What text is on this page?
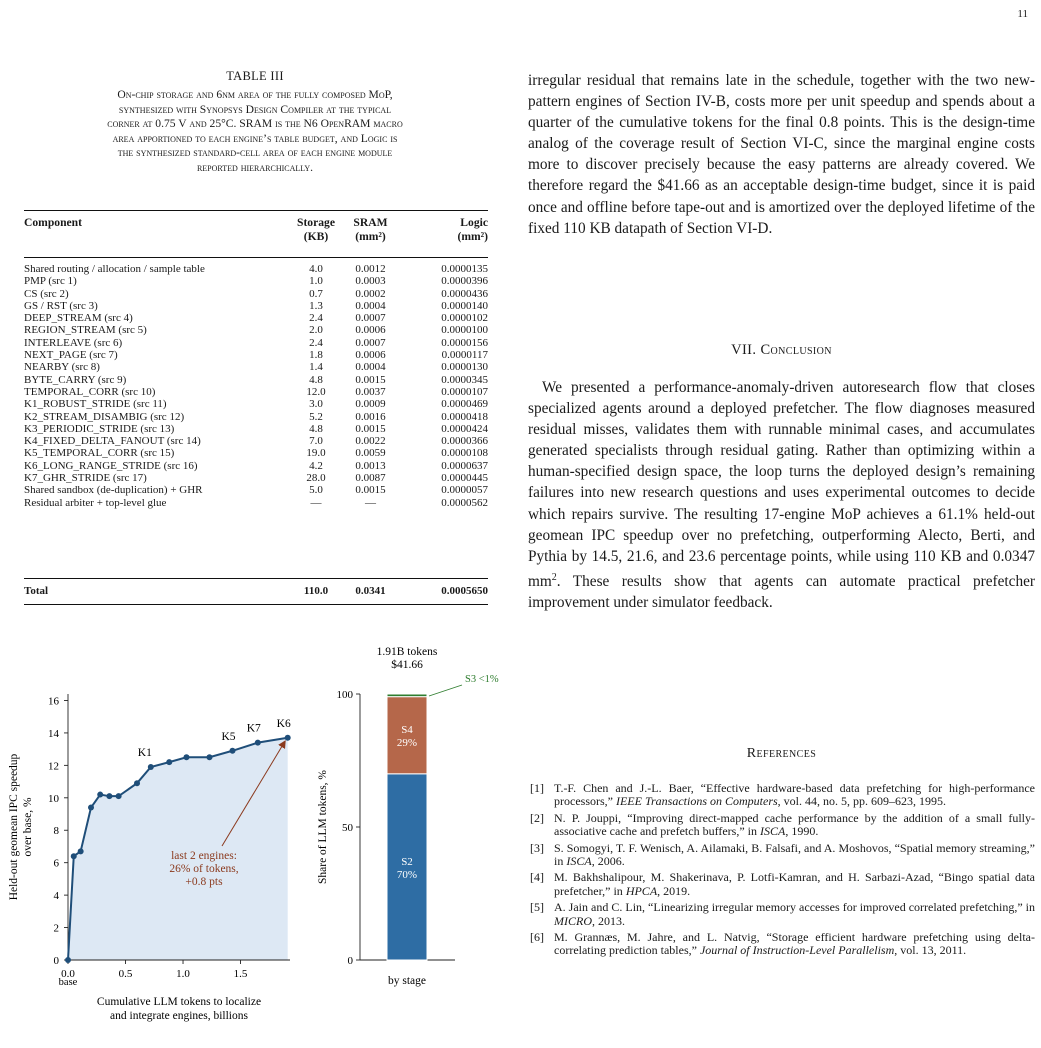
11
TABLE III
On-chip storage and 6nm area of the fully composed MoP,
synthesized with Synopsys Design Compiler at the typical
corner at 0.75 V and 25°C. SRAM is the N6 OpenRAM macro
area apportioned to each engine’s table budget, and Logic is
the synthesized standard-cell area of each engine module
reported hierarchically.
Component	Storage	SRAM	Logic
	(KB)	(mm²)	(mm²)
Shared routing / allocation / sample table	4.0	0.0012	0.0000135
PMP (src 1)	1.0	0.0003	0.0000396
CS (src 2)	0.7	0.0002	0.0000436
GS / RST (src 3)	1.3	0.0004	0.0000140
DEEP_STREAM (src 4)	2.4	0.0007	0.0000102
REGION_STREAM (src 5)	2.0	0.0006	0.0000100
INTERLEAVE (src 6)	2.4	0.0007	0.0000156
NEXT_PAGE (src 7)	1.8	0.0006	0.0000117
NEARBY (src 8)	1.4	0.0004	0.0000130
BYTE_CARRY (src 9)	4.8	0.0015	0.0000345
TEMPORAL_CORR (src 10)	12.0	0.0037	0.0000107
K1_ROBUST_STRIDE (src 11)	3.0	0.0009	0.0000469
K2_STREAM_DISAMBIG (src 12)	5.2	0.0016	0.0000418
K3_PERIODIC_STRIDE (src 13)	4.8	0.0015	0.0000424
K4_FIXED_DELTA_FANOUT (src 14)	7.0	0.0022	0.0000366
K5_TEMPORAL_CORR (src 15)	19.0	0.0059	0.0000108
K6_LONG_RANGE_STRIDE (src 16)	4.2	0.0013	0.0000637
K7_GHR_STRIDE (src 17)	28.0	0.0087	0.0000445
Shared sandbox (de-duplication) + GHR	5.0	0.0015	0.0000057
Residual arbiter + top-level glue	—	—	0.0000562
Total	110.0	0.0341	0.0005650
0
2
4
6
8
10
12
14
16
0.0	0.5	1.0	1.5
K1
K5
K7 K6
last 2 engines:
26% of tokens,
+0.8 pts
base
Cumulative LLM tokens to localize
and integrate engines, billions
Held-out geomean IPC speedup over base, %
1.91B tokens
$41.66
0
50
100
S2
70%
S4
29%
S3 <1%
by stage
Share of LLM tokens, %
irregular residual that remains late in the schedule, together with the two new-pattern engines of Section IV-B, costs more per unit speedup and spends about a quarter of the cumulative tokens for the final 0.8 points. This is the design-time analog of the coverage result of Section VI-C, since the marginal engine costs more to discover precisely because the easy patterns are already covered. We therefore regard the $41.66 as an acceptable design-time budget, since it is paid once and offline before tape-out and is amortized over the deployed lifetime of the fixed 110 KB datapath of Section VI-D.
VII. Conclusion
We presented a performance-anomaly-driven autoresearch flow that closes specialized agents around a deployed prefetcher. The flow diagnoses measured residual misses, validates them with runnable minimal cases, and accumulates generated specialists through residual gating. Rather than optimizing within a human-specified design space, the loop turns the deployed design’s remaining failures into new research questions and uses experimental outcomes to decide which repairs survive. The resulting 17-engine MoP achieves a 61.1% held-out geomean IPC speedup over no prefetching, outperforming Alecto, Berti, and Pythia by 14.5, 21.6, and 23.6 percentage points, while using 110 KB and 0.0347 $mm^2$. These results show that agents can automate practical prefetcher improvement under simulator feedback.
References
[1] T.-F. Chen and J.-L. Baer, “Effective hardware-based data prefetching for high-performance processors,” IEEE Transactions on Computers, vol. 44, no. 5, pp. 609–623, 1995.
[2] N. P. Jouppi, “Improving direct-mapped cache performance by the addition of a small fully-associative cache and prefetch buffers,” in ISCA, 1990.
[3] S. Somogyi, T. F. Wenisch, A. Ailamaki, B. Falsafi, and A. Moshovos, “Spatial memory streaming,” in ISCA, 2006.
[4] M. Bakhshalipour, M. Shakerinava, P. Lotfi-Kamran, and H. Sarbazi-Azad, “Bingo spatial data prefetcher,” in HPCA, 2019.
[5] A. Jain and C. Lin, “Linearizing irregular memory accesses for improved correlated prefetching,” in MICRO, 2013.
[6] M. Grannæs, M. Jahre, and L. Natvig, “Storage efficient hardware prefetching using delta-correlating prediction tables,” Journal of Instruction-Level Parallelism, vol. 13, 2011.
